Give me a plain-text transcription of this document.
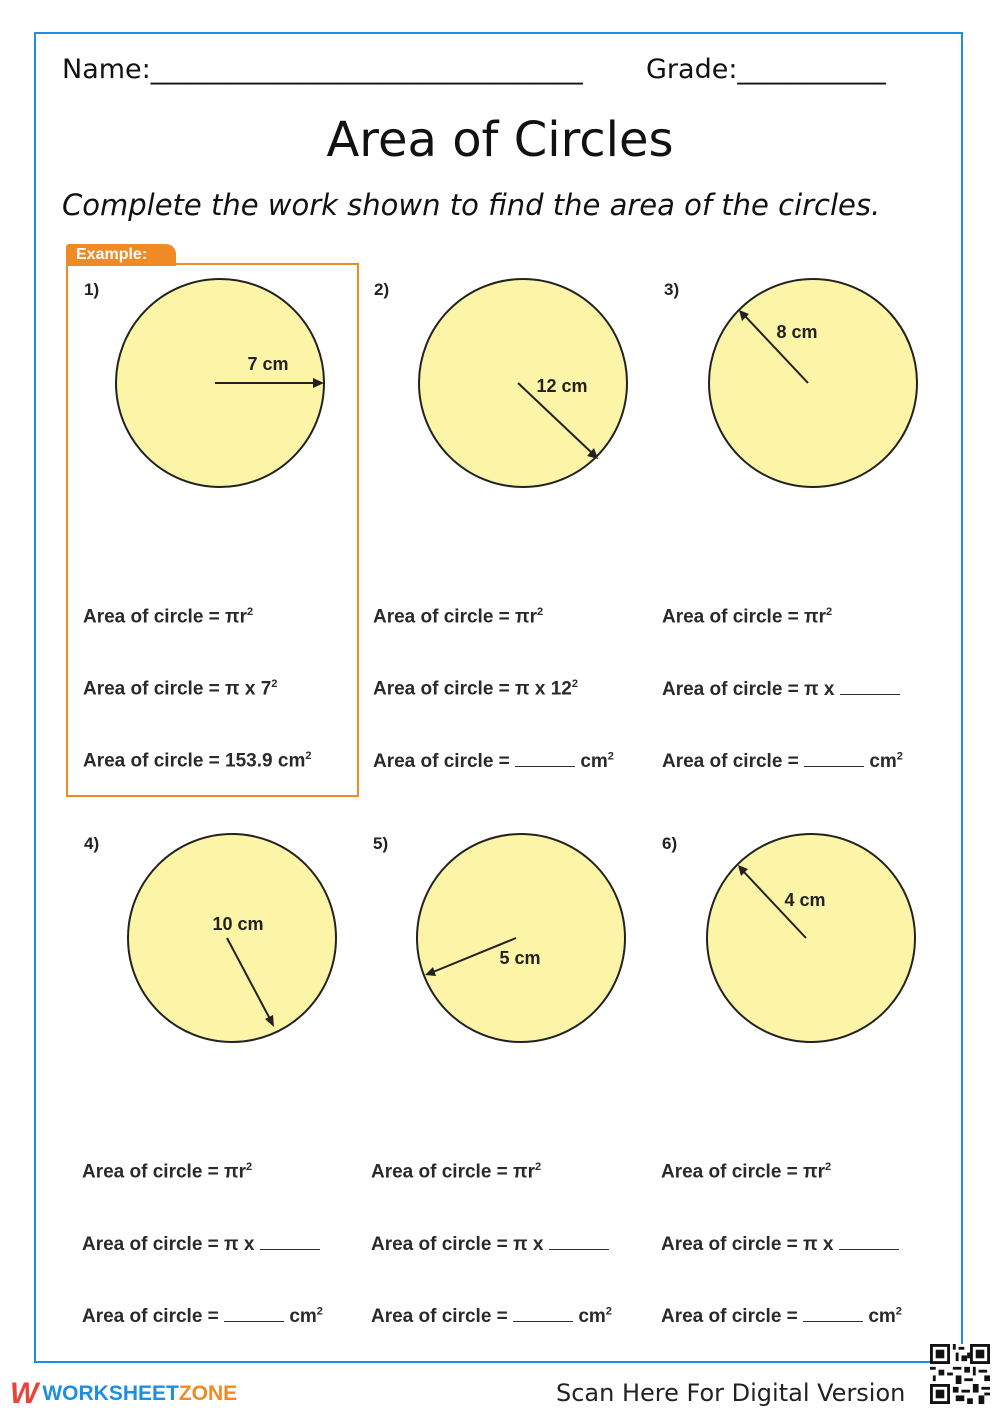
Name:________________________________ Grade:___________
Area of Circles
Complete the work shown to find the area of the circles.
Example:
1)
7 cm
Area of circle = $\pi r^2$
Area of circle = π x $7^2$
Area of circle = 153.9 $cm^2$
2)
12 cm
Area of circle = $\pi r^2$
Area of circle = π x $12^2$
Area of circle =	$cm^2$
3)
8 cm
Area of circle = $\pi r^2$
Area of circle = π x
Area of circle =	$cm^2$
4)
10 cm
Area of circle = $\pi r^2$
Area of circle = π x
Area of circle =	$cm^2$
5)
5 cm
Area of circle = $\pi r^2$
Area of circle = π x
Area of circle =	$cm^2$
6)
4 cm
Area of circle = $\pi r^2$
Area of circle = π x
Area of circle =	$cm^2$
W WORKSHEET ZONE	Scan Here For Digital Version
